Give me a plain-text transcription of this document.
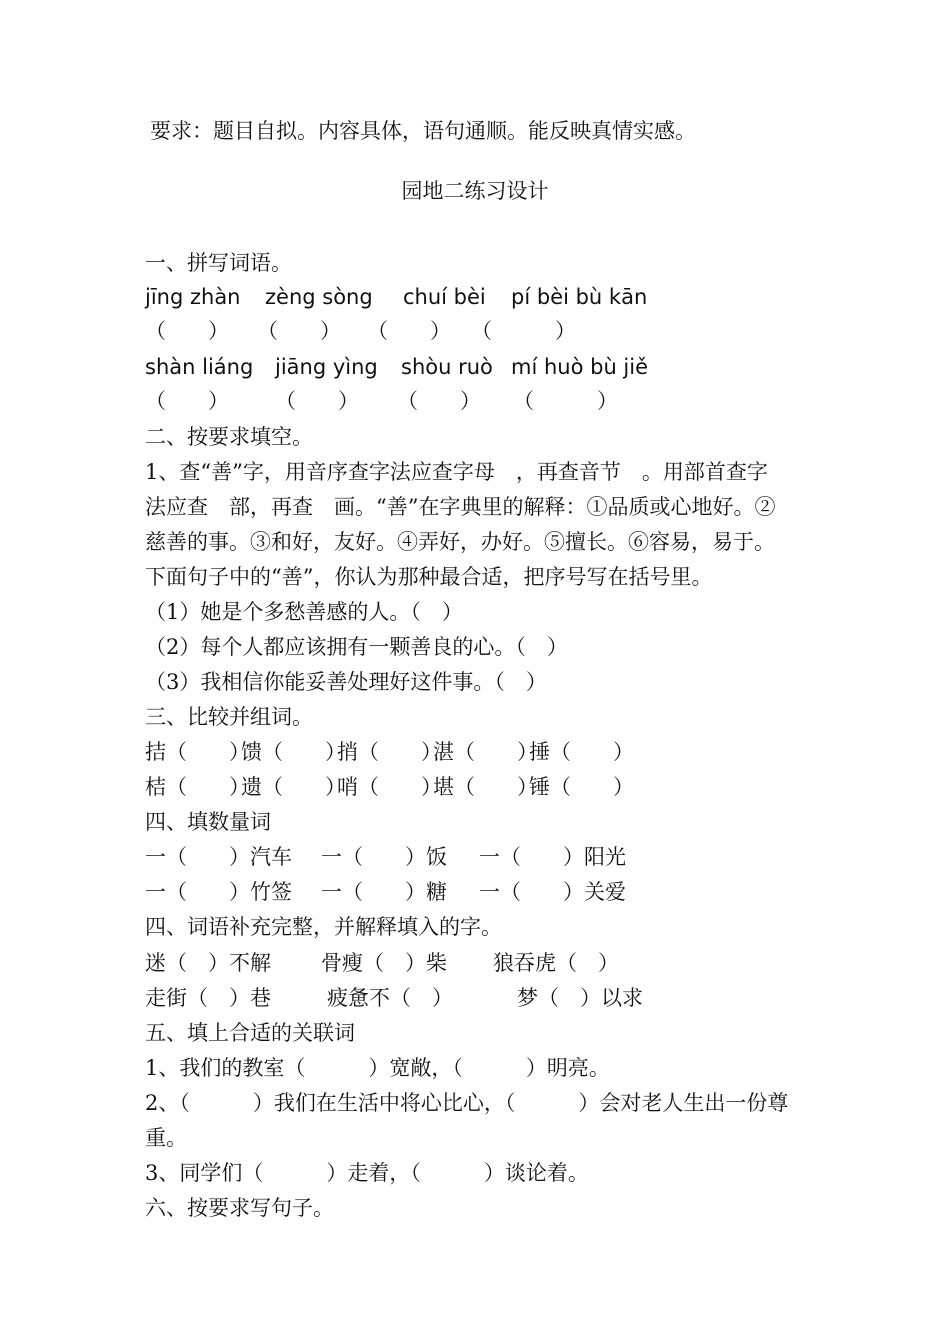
要求：题目自拟。内容具体，语句通顺。能反映真情实感。
园地二练习设计
一、拼写词语。
jīng zhàn zèng sòng chuí bèi pí bèi bù kān
（　　） （　　） （　　） （　　　）
shàn liáng jiāng yìng shòu ruò mí huò bù jiě
（　　） （　　） （　　） （　　　）
二、按要求填空。
1、查“善”字，用音序查字法应查字母　，再查音节　。用部首查字
法应查　部，再查　画。“善”在字典里的解释：①品质或心地好。②
慈善的事。③和好，友好。④弄好，办好。⑤擅长。⑥容易，易于。
下面句子中的“善”，你认为那种最合适，把序号写在括号里。
（1）她是个多愁善感的人。（　）
（2）每个人都应该拥有一颗善良的心。（　）
（3）我相信你能妥善处理好这件事。（　）
三、比较并组词。
拮（　　）
馈（　　）
捎（　　）
湛（　　）
捶（　　）
桔（　　）
遗（　　）
哨（　　）
堪（　　）
锤（　　）
四、填数量词
一（　　）汽车 一（　　）饭 一（　　）阳光
一（　　）竹签 一（　　）糖 一（　　）关爱
四、词语补充完整，并解释填入的字。
迷（　）不解 骨瘦（　）柴 狼吞虎（　）
走街（　）巷	疲惫不（　）	梦（　）以求
五、填上合适的关联词
1、我们的教室（　　　）宽敞，（　　　）明亮。
2、（　　　）我们在生活中将心比心，（　　　）会对老人生出一份尊
重。
3、同学们（　　　）走着，（　　　）谈论着。
六、按要求写句子。
